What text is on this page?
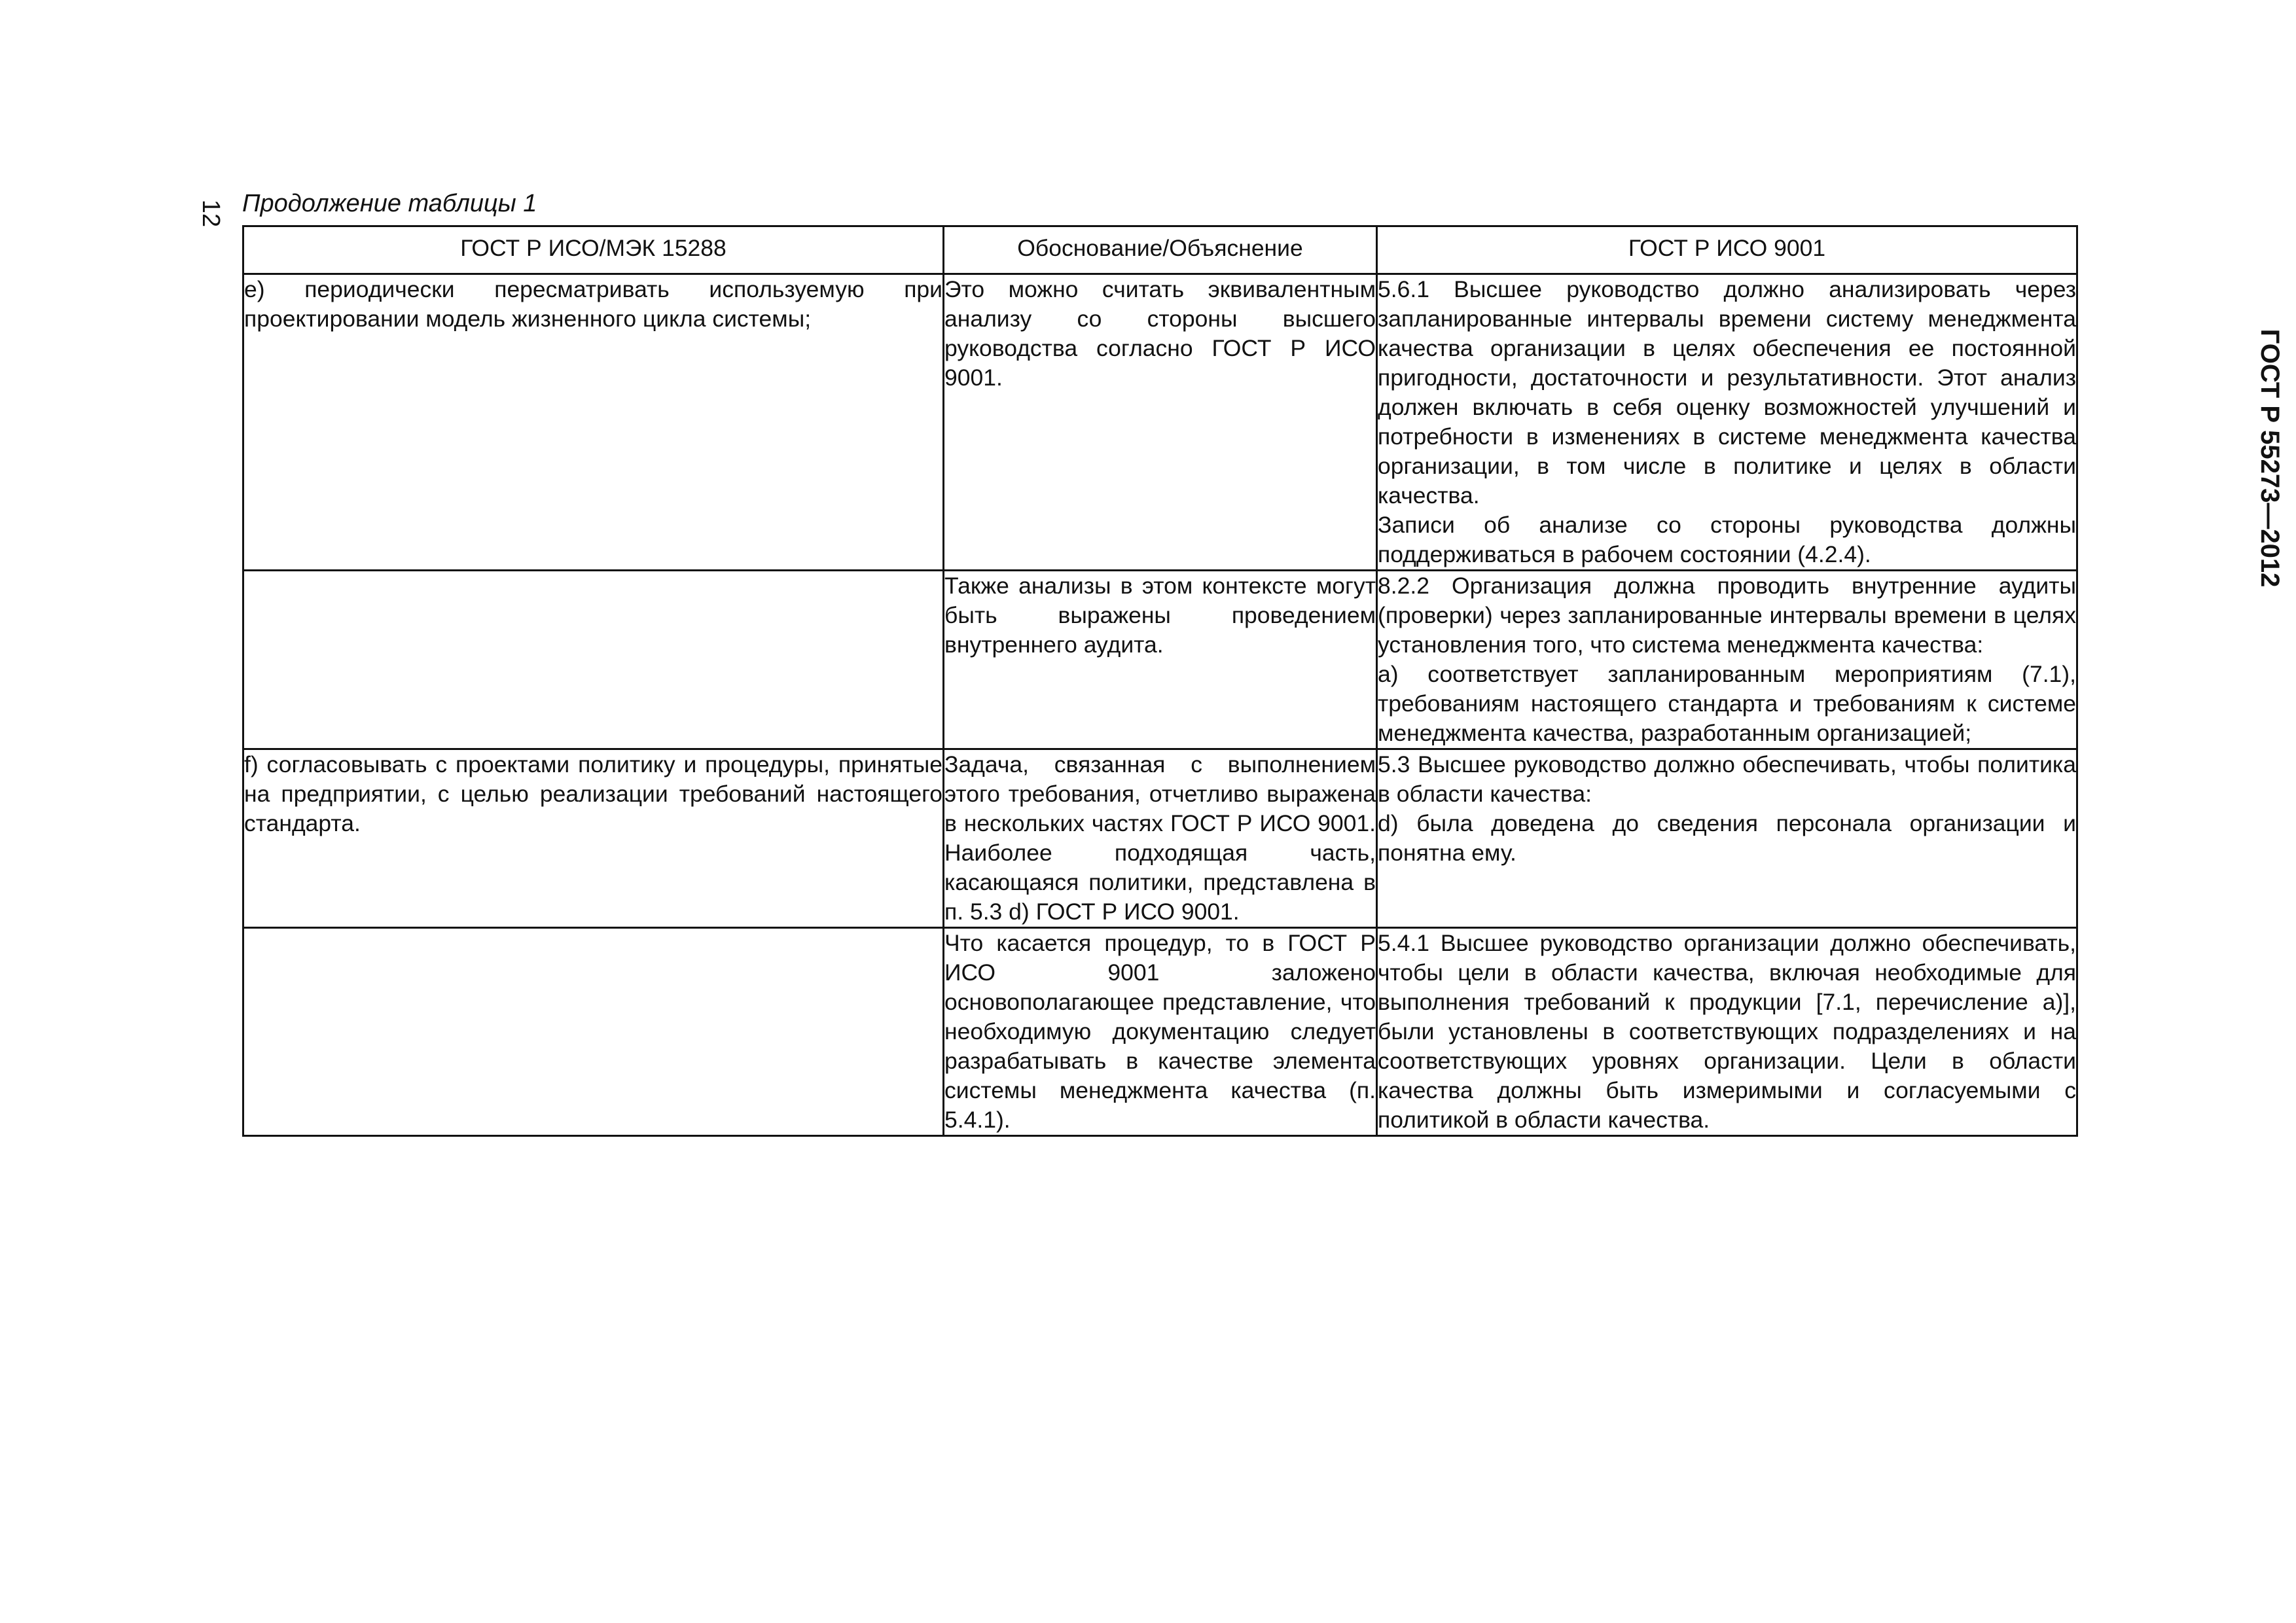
12
ГОСТ Р 55273—2012
Продолжение таблицы 1
ГОСТ Р ИСО/МЭК 15288	Обоснование/Объяснение	ГОСТ Р ИСО 9001

e) периодически пересматривать используемую при проектировании модель жизненного цикла системы;	Это можно считать эквивалентным анализу со стороны высшего руководства согласно ГОСТ Р ИСО 9001.	5.6.1 Высшее руководство должно анализировать через запланированные интервалы времени систему менеджмента качества организации в целях обеспечения ее постоянной пригодности, достаточности и результативности. Этот анализ должен включать в себя оценку возможностей улучшений и потребности в изменениях в системе менеджмента качества организации, в том числе в политике и целях в области качества.
Записи об анализе со стороны руководства должны поддерживаться в рабочем состоянии (4.2.4).

	Также анализы в этом контексте могут быть выражены проведением внутреннего аудита.	8.2.2 Организация должна проводить внутренние аудиты (проверки) через запланированные интервалы времени в целях установления того, что система менеджмента качества:
а) соответствует запланированным мероприятиям (7.1), требованиям настоящего стандарта и требованиям к системе менеджмента качества, разработанным организацией;

f) согласовывать с проектами политику и процедуры, принятые на предприятии, с целью реализации требований настоящего стандарта.	Задача, связанная с выполнением этого требования, отчетливо выражена в нескольких частях ГОСТ Р ИСО 9001. Наиболее подходящая часть, касающаяся политики, представлена в п. 5.3 d) ГОСТ Р ИСО 9001.	5.3 Высшее руководство должно обеспечивать, чтобы политика в области качества:
d) была доведена до сведения персонала организации и понятна ему.

	Что касается процедур, то в ГОСТ Р ИСО 9001 заложено основополагающее представление, что необходимую документацию следует разрабатывать в качестве элемента системы менеджмента качества (п. 5.4.1).	5.4.1 Высшее руководство организации должно обеспечивать, чтобы цели в области качества, включая необходимые для выполнения требований к продукции [7.1, перечисление а)], были установлены в соответствующих подразделениях и на соответствующих уровнях организации. Цели в области качества должны быть измеримыми и согласуемыми с политикой в области качества.
